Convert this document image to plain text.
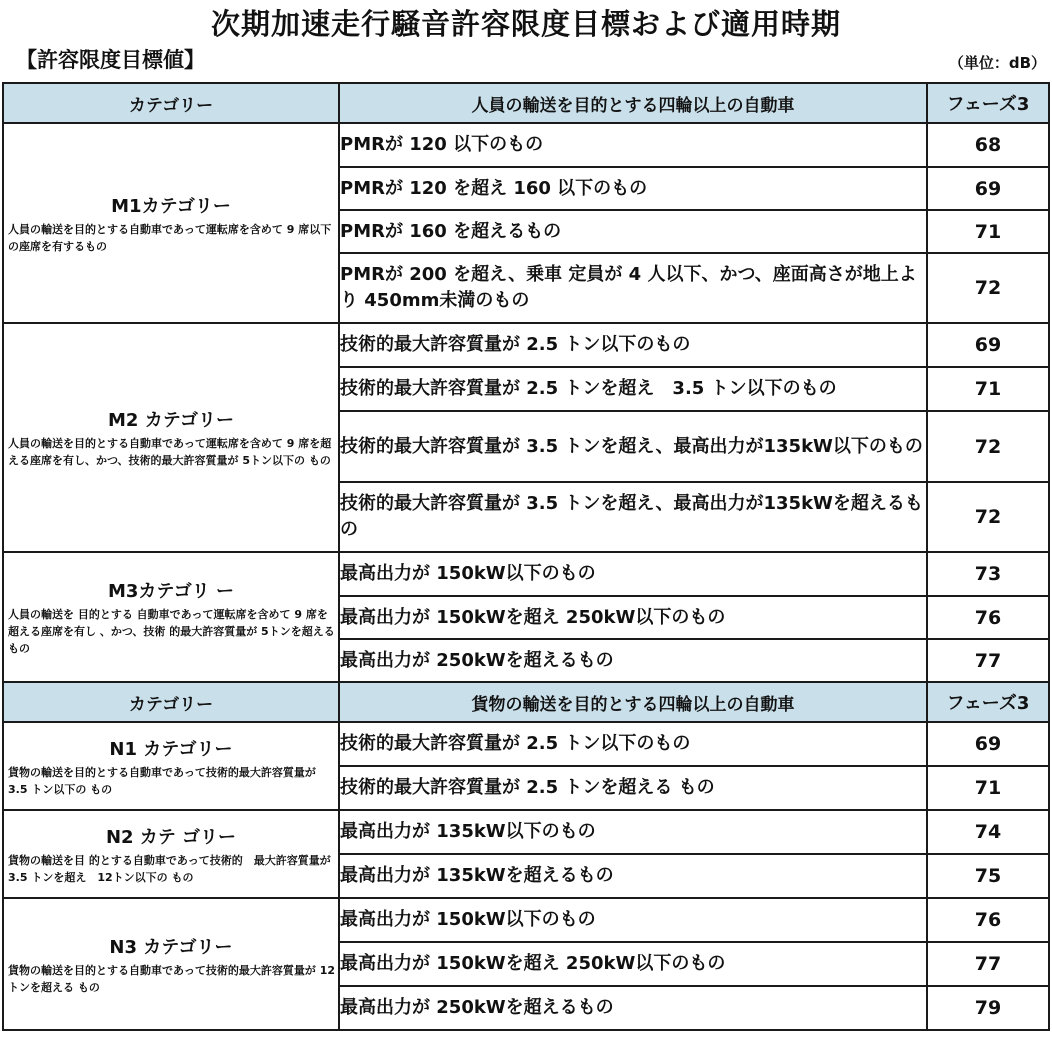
次期加速走行騒音許容限度目標および適用時期
【許容限度目標値】	（単位：dB）
カテゴリー	人員の輸送を目的とする四輪以上の自動車	フェーズ3

M1カテゴリー
人員の輸送を目的とする自動車であって運転席を含めて 9 席以下の座席を有するもの	PMRが 120 以下のもの	68
	PMRが 120 を超え 160 以下のもの	69
	PMRが 160 を超えるもの	71
	PMRが 200 を超え、乗車 定員が 4 人以下、かつ、座面高さが地上より 450mm未満のもの	72

M2 カテゴリー
人員の輸送を目的とする自動車であって運転席を含めて 9 席を超える座席を有し、かつ、技術的最大許容質量が 5トン以下の もの	技術的最大許容質量が 2.5 トン以下のもの	69
	技術的最大許容質量が 2.5 トンを超え　3.5 トン以下のもの	71
	技術的最大許容質量が 3.5 トンを超え、最高出力が135kW以下のもの	72
	技術的最大許容質量が 3.5 トンを超え、最高出力が135kWを超えるもの	72

M3カテゴリ ー
人員の輸送を 目的とする 自動車であって運転席を含めて 9 席を超える座席を有し 、かつ、技術 的最大許容質量が 5トンを超える もの	最高出力が 150kW以下のもの	73
	最高出力が 150kWを超え 250kW以下のもの	76
	最高出力が 250kWを超えるもの	77
カテゴリー	貨物の輸送を目的とする四輪以上の自動車	フェーズ3

N1 カテゴリー
貨物の輸送を目的とする自動車であって技術的最大許容質量が 3.5 トン以下の もの	技術的最大許容質量が 2.5 トン以下のもの	69
	技術的最大許容質量が 2.5 トンを超える もの	71

N2 カテ ゴリー
貨物の輸送を目 的とする自動車であって技術的　最大許容質量が 3.5 トンを超え　12トン以下の もの	最高出力が 135kW以下のもの	74
	最高出力が 135kWを超えるもの	75

N3 カテゴリー
貨物の輸送を目的とする自動車であって技術的最大許容質量が 12トンを超える もの	最高出力が 150kW以下のもの	76
	最高出力が 150kWを超え 250kW以下のもの	77
	最高出力が 250kWを超えるもの	79
